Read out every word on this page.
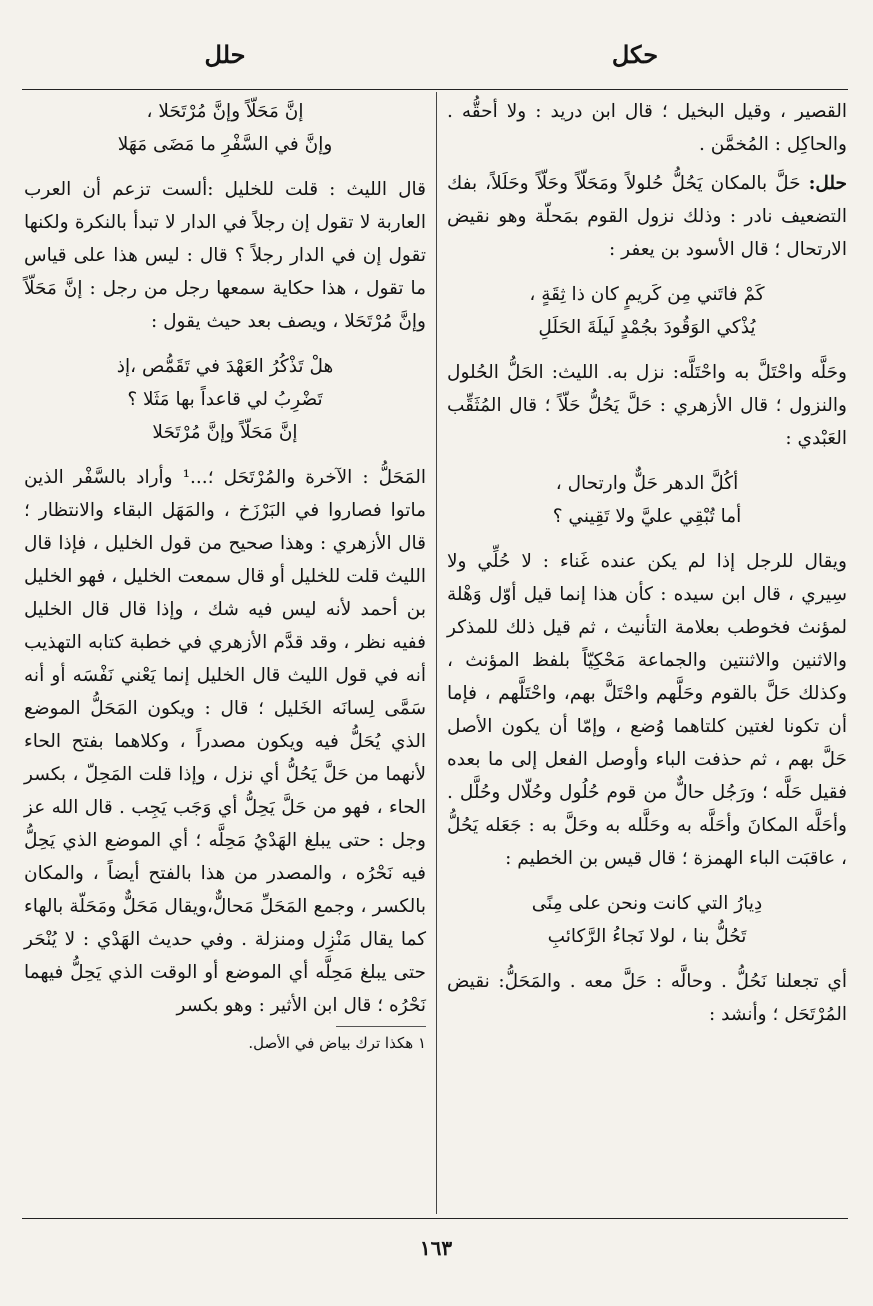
حكل
حلل

القصير ، وقيل البخيل ؛ قال ابن دريد : ولا أحقُّه . والحاكِل : المُخمَّن .

حلل: حَلَّ بالمكان يَحُلُّ حُلولاً ومَحَلّاً وحَلّاً وحَلَلاً، بفك التضعيف نادر : وذلك نزول القوم بمَحلّة وهو نقيض الارتحال ؛ قال الأسود بن يعفر :

كَمْ فاتَني مِن كَريمٍ كان ذا ثِقَةٍ ،
يُذْكي الوَقُودَ بجُمْدٍ لَيلَةَ الحَلَلِ

وحَلَّه واحْتَلَّ به واحْتَلَّه: نزل به. الليث: الحَلُّ الحُلول والنزول ؛ قال الأزهري : حَلَّ يَحُلُّ حَلّاً ؛ قال المُثَقِّب العَبْدي :

أكُلَّ الدهر حَلٌّ وارتحال ،
أما تُبْقِي عليَّ ولا تَقِيني ؟

ويقال للرجل إذا لم يكن عنده غَناء : لا حُلِّي ولا سِيري ، قال ابن سيده : كأن هذا إنما قيل أوّل وَهْلة لمؤنث فخوطب بعلامة التأنيث ، ثم قيل ذلك للمذكر والاثنين والاثنتين والجماعة مَحْكِيّاً بلفظ المؤنث ، وكذلك حَلَّ بالقوم وحَلَّهم واحْتَلَّ بهم، واحْتَلَّهم ، فإما أن تكونا لغتين كلتاهما وُضع ، وإمّا أن يكون الأصل حَلَّ بهم ، ثم حذفت الباء وأوصل الفعل إلى ما بعده فقيل حَلَّه ؛ ورَجُل حالٌّ من قوم حُلُول وحُلّال وحُلَّل . وأحَلَّه المكانَ وأحَلَّه به وحَلَّله به وحَلَّ به : جَعَله يَحُلُّ ، عاقبَت الباء الهمزة ؛ قال قيس بن الخطيم :

دِيارُ التي كانت ونحن على مِنًى
تَحُلُّ بنا ، لولا نَجاءُ الرَّكائبِ

أي تجعلنا نَحُلُّ . وحالَّه : حَلَّ معه . والمَحَلُّ: نقيض المُرْتَحَل ؛ وأنشد :

إنَّ مَحَلّاً وإنَّ مُرْتَحَلا ،
وإنَّ في السَّفْرِ ما مَضَى مَهَلا

قال الليث : قلت للخليل :ألست تزعم أن العرب العاربة لا تقول إن رجلاً في الدار لا تبدأ بالنكرة ولكنها تقول إن في الدار رجلاً ؟ قال : ليس هذا على قياس ما تقول ، هذا حكاية سمعها رجل من رجل : إنَّ مَحَلّاً وإنَّ مُرْتَحَلا ، ويصف بعد حيث يقول :

هلْ تَذْكُرُ العَهْدَ في تَقَمُّص ،إذ
تَضْرِبُ لي قاعداً بها مَثَلا ؟
إنَّ مَحَلّاً وإنَّ مُرْتَحَلا

المَحَلُّ : الآخرة والمُرْتَحَل ؛...¹ وأراد بالسَّفْر الذين ماتوا فصاروا في البَرْزَخ ، والمَهَل البقاء والانتظار ؛ قال الأزهري : وهذا صحيح من قول الخليل ، فإذا قال الليث قلت للخليل أو قال سمعت الخليل ، فهو الخليل بن أحمد لأنه ليس فيه شك ، وإذا قال قال الخليل ففيه نظر ، وقد قدَّم الأزهري في خطبة كتابه التهذيب أنه في قول الليث قال الخليل إنما يَعْني نَفْسَه أو أنه سَمَّى لِسانَه الخَليل ؛ قال : ويكون المَحَلُّ الموضع الذي يُحَلُّ فيه ويكون مصدراً ، وكلاهما بفتح الحاء لأنهما من حَلَّ يَحُلُّ أي نزل ، وإذا قلت المَحِلّ ، بكسر الحاء ، فهو من حَلَّ يَحِلُّ أي وَجَب يَجِب . قال الله عز وجل : حتى يبلغ الهَدْيُ مَحِلَّه ؛ أي الموضع الذي يَحِلُّ فيه نَحْرُه ، والمصدر من هذا بالفتح أيضاً ، والمكان بالكسر ، وجمع المَحَلِّ مَحالٌّ،ويقال مَحَلٌّ ومَحَلّة بالهاء كما يقال مَنْزِل ومنزلة . وفي حديث الهَدْي : لا يُنْحَر حتى يبلغ مَحِلَّه أي الموضع أو الوقت الذي يَحِلُّ فيهما نَحْرُه ؛ قال ابن الأثير : وهو بكسر

١ هكذا ترك بياض في الأصل.

١٦٣
